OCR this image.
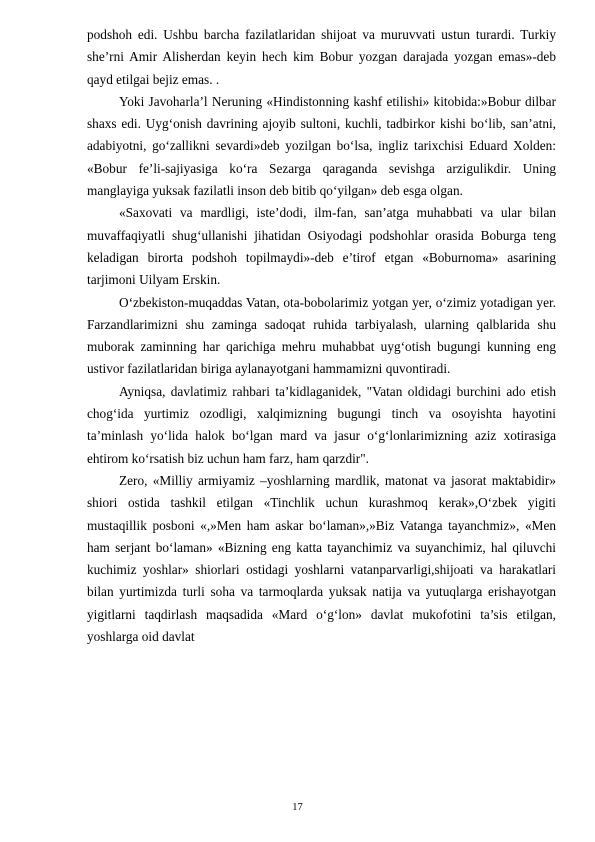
podshoh edi. Ushbu barcha fazilatlaridan shijoat va muruvvati ustun turardi. Turkiy she’rni Amir Alisherdan keyin hech kim Bobur yozgan darajada yozgan emas»-deb qayd etilgai bejiz emas. .

Yoki Javoharla’l Neruning «Hindistonning kashf etilishi» kitobida:»Bobur dilbar shaxs edi. Uyg‘onish davrining ajoyib sultoni, kuchli, tadbirkor kishi bo‘lib, san’atni, adabiyotni, go‘zallikni sevardi»deb yozilgan bo‘lsa, ingliz tarixchisi Eduard Xolden: «Bobur fe’li-sajiyasiga ko‘ra Sezarga qaraganda sevishga arzigulikdir. Uning manglayiga yuksak fazilatli inson deb bitib qo‘yilgan» deb esga olgan.

«Saxovati va mardligi, iste’dodi, ilm-fan, san’atga muhabbati va ular bilan muvaffaqiyatli shug‘ullanishi jihatidan Osiyodagi podshohlar orasida Boburga teng keladigan birorta podshoh topilmaydi»-deb e’tirof etgan «Boburnoma» asarining tarjimoni Uilyam Erskin.

O‘zbekiston-muqaddas Vatan, ota-bobolarimiz yotgan yer, o‘zimiz yotadigan yer. Farzandlarimizni shu zaminga sadoqat ruhida tarbiyalash, ularning qalblarida shu muborak zaminning har qarichiga mehru muhabbat uyg‘otish bugungi kunning eng ustivor fazilatlaridan biriga aylanayotgani hammamizni quvontiradi.

Ayniqsa, davlatimiz rahbari ta’kidlaganidek, "Vatan oldidagi burchini ado etish chog‘ida yurtimiz ozodligi, xalqimizning bugungi tinch va osoyishta hayotini ta’minlash yo‘lida halok bo‘lgan mard va jasur o‘g‘lonlarimizning aziz xotirasiga ehtirom ko‘rsatish biz uchun ham farz, ham qarzdir".

Zero, «Milliy armiyamiz –yoshlarning mardlik, matonat va jasorat maktabidir» shiori ostida tashkil etilgan «Tinchlik uchun kurashmoq kerak»,O‘zbek yigiti mustaqillik posboni «,»Men ham askar bo‘laman»,»Biz Vatanga tayanchmiz», «Men ham serjant bo‘laman» «Bizning eng katta tayanchimiz va suyanchimiz, hal qiluvchi kuchimiz yoshlar» shiorlari ostidagi yoshlarni vatanparvarligi,shijoati va harakatlari bilan yurtimizda turli soha va tarmoqlarda yuksak natija va yutuqlarga erishayotgan yigitlarni taqdirlash maqsadida «Mard o‘g‘lon» davlat mukofotini ta’sis etilgan, yoshlarga oid davlat

17
